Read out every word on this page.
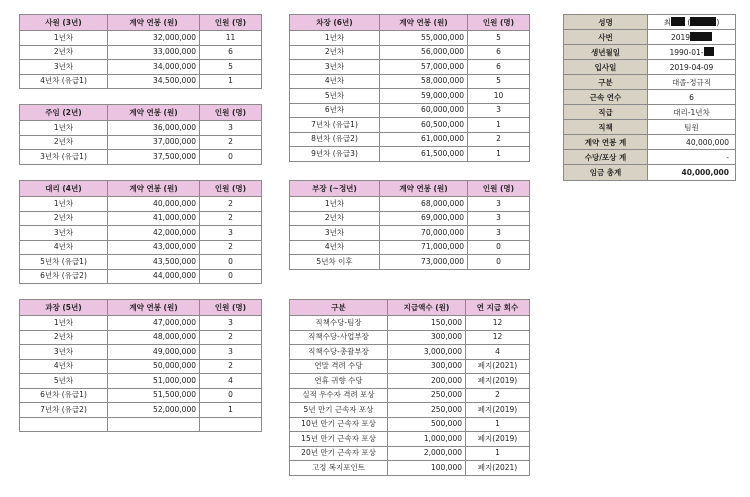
사원 (3년)	계약 연봉 (원)	인원 (명)
1년차	32,000,000	11
2년차	33,000,000	6
3년차	34,000,000	5
4년차 (유급1)	34,500,000	1
주임 (2년)	계약 연봉 (원)	인원 (명)
1년차	36,000,000	3
2년차	37,000,000	2
3년차 (유급1)	37,500,000	0
대리 (4년)	계약 연봉 (원)	인원 (명)
1년차	40,000,000	2
2년차	41,000,000	2
3년차	42,000,000	3
4년차	43,000,000	2
5년차 (유급1)	43,500,000	0
6년차 (유급2)	44,000,000	0
과장 (5년)	계약 연봉 (원)	인원 (명)
1년차	47,000,000	3
2년차	48,000,000	2
3년차	49,000,000	3
4년차	50,000,000	2
5년차	51,000,000	4
6년차 (유급1)	51,500,000	0
7년차 (유급2)	52,000,000	1

차장 (6년)	계약 연봉 (원)	인원 (명)
1년차	55,000,000	5
2년차	56,000,000	6
3년차	57,000,000	6
4년차	58,000,000	5
5년차	59,000,000	10
6년차	60,000,000	3
7년차 (유급1)	60,500,000	1
8년차 (유급2)	61,000,000	2
9년차 (유급3)	61,500,000	1
부장 (~정년)	계약 연봉 (원)	인원 (명)
1년차	68,000,000	3
2년차	69,000,000	3
3년차	70,000,000	3
4년차	71,000,000	0
5년차 이후	73,000,000	0
구분	지급액수 (원)	연 지급 회수
직책수당-팀장	150,000	12
직책수당-사업부장	300,000	12
직책수당-총괄부장	3,000,000	4
연말 격려 수당	300,000	폐지(2021)
연휴 귀향 수당	200,000	폐지(2019)
실적 우수자 격려 포상	250,000	2
5년 만기 근속자 포상	250,000	폐지(2019)
10년 만기 근속자 포상	500,000	1
15년 만기 근속자 포상	1,000,000	폐지(2019)
20년 만기 근속자 포상	2,000,000	1
고정 복지포인트	100,000	폐지(2021)
성명	최 ( )
사번	2019
생년월일	1990-01-
입사일	2019-04-09
구분	대졸-정규직
근속 연수	6
직급	대리-1년차
직책	팀원
계약 연봉 계	40,000,000
수당/포상 계	-
임금 총계	40,000,000
